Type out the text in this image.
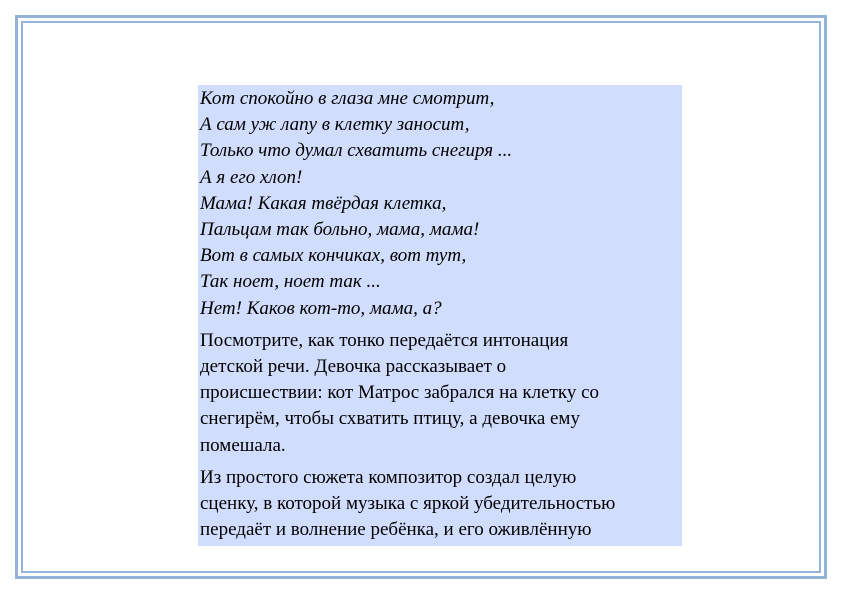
Кот спокойно в глаза мне смотрит,
А сам уж лапу в клетку заносит,
Только что думал схватить снегиря ...
А я его хлоп!
Мама! Какая твёрдая клетка,
Пальцам так больно, мама, мама!
Вот в самых кончиках, вот тут,
Так ноет, ноет так ...
Нет! Каков кот-то, мама, а?
Посмотрите, как тонко передаётся интонация
детской речи. Девочка рассказывает о
происшествии: кот Матрос забрался на клетку со
снегирём, чтобы схватить птицу, а девочка ему
помешала.
Из простого сюжета композитор создал целую
сценку, в которой музыка с яркой убедительностью
передаёт и волнение ребёнка, и его оживлённую
